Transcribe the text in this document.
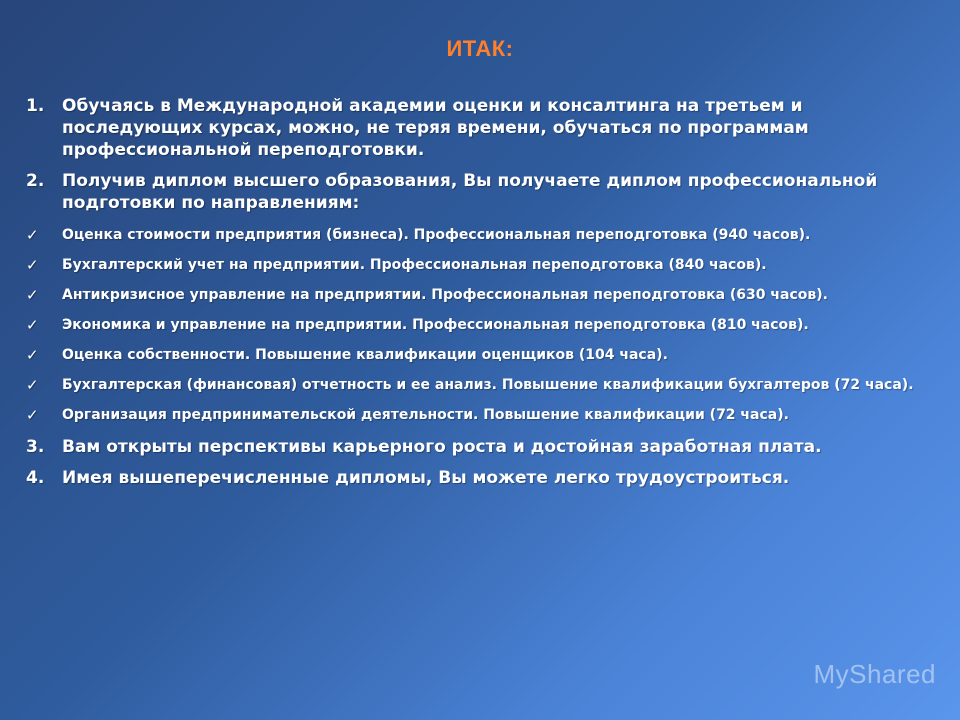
ИТАК:
1.	Обучаясь в Международной академии оценки и консалтинга на третьем и последующих курсах, можно, не теряя времени, обучаться по программам профессиональной переподготовки.
2.	Получив диплом высшего образования, Вы получаете диплом профессиональной подготовки по направлениям:
✓	Оценка стоимости предприятия (бизнеса). Профессиональная переподготовка (940 часов).
✓	Бухгалтерский учет на предприятии. Профессиональная переподготовка (840 часов).
✓	Антикризисное управление на предприятии. Профессиональная переподготовка (630 часов).
✓	Экономика и управление на предприятии. Профессиональная переподготовка (810 часов).
✓	Оценка собственности. Повышение квалификации оценщиков (104 часа).
✓	Бухгалтерская (финансовая) отчетность и ее анализ. Повышение квалификации бухгалтеров (72 часа).
✓	Организация предпринимательской деятельности. Повышение квалификации (72 часа).
3.	Вам открыты перспективы карьерного роста и достойная заработная плата.
4.	Имея вышеперечисленные дипломы, Вы можете легко трудоустроиться.
MyShared
